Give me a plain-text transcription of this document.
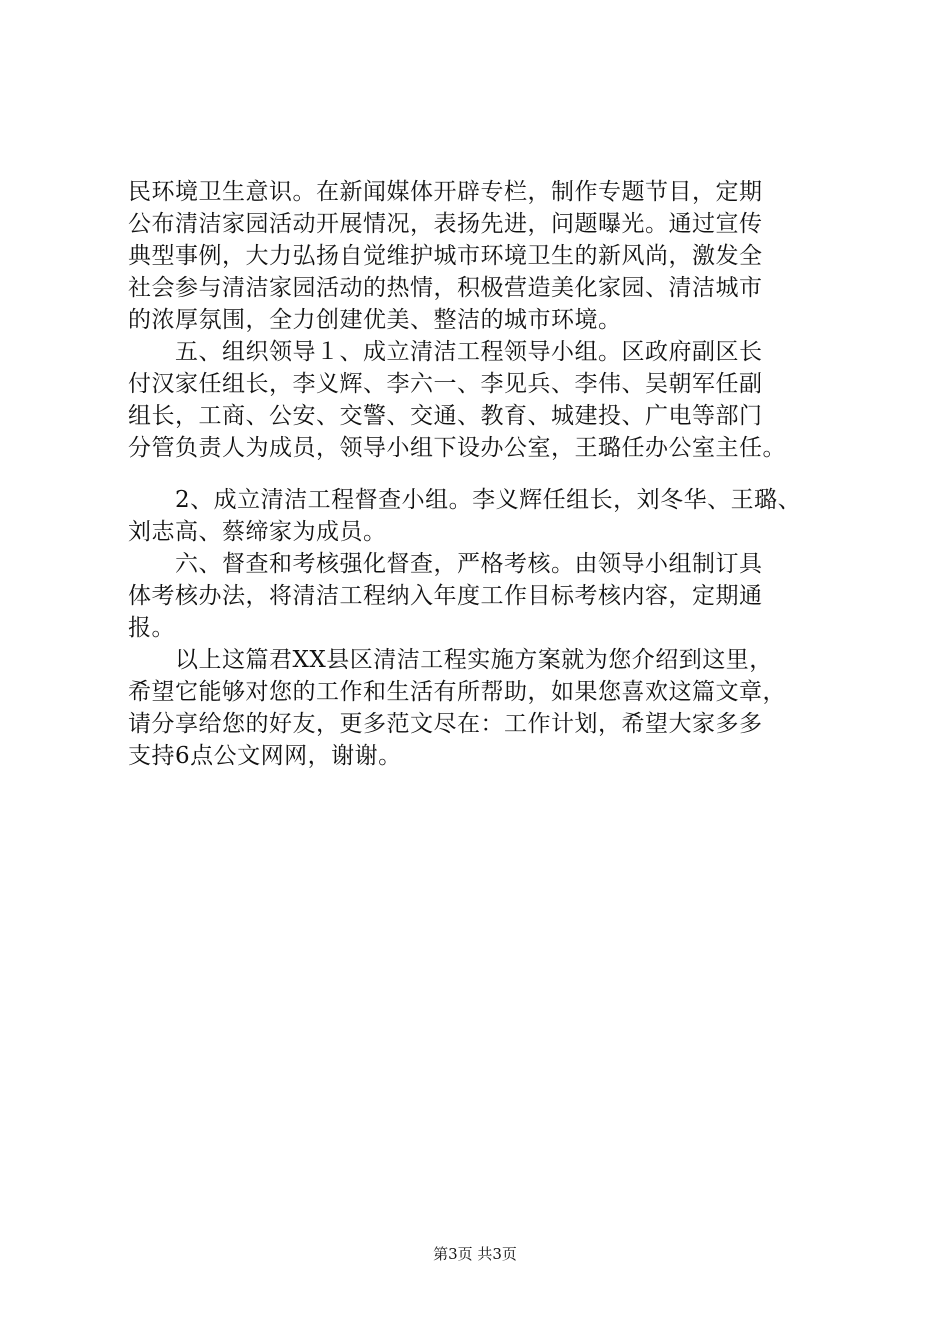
民环境卫生意识。在新闻媒体开辟专栏，制作专题节目，定期
公布清洁家园活动开展情况，表扬先进，问题曝光。通过宣传
典型事例，大力弘扬自觉维护城市环境卫生的新风尚，激发全
社会参与清洁家园活动的热情，积极营造美化家园、清洁城市
的浓厚氛围，全力创建优美、整洁的城市环境。
　　五、组织领导１、成立清洁工程领导小组。区政府副区长
付汉家任组长，李义辉、李六一、李见兵、李伟、吴朝军任副
组长，工商、公安、交警、交通、教育、城建投、广电等部门
分管负责人为成员，领导小组下设办公室，王璐任办公室主任。
　　2、成立清洁工程督查小组。李义辉任组长，刘冬华、王璐、
刘志高、蔡缔家为成员。
　　六、督查和考核强化督查，严格考核。由领导小组制订具
体考核办法，将清洁工程纳入年度工作目标考核内容，定期通
报。
　　以上这篇君XX县区清洁工程实施方案就为您介绍到这里，
希望它能够对您的工作和生活有所帮助，如果您喜欢这篇文章，
请分享给您的好友，更多范文尽在：工作计划，希望大家多多
支持6点公文网网，谢谢。
第3页 共3页
